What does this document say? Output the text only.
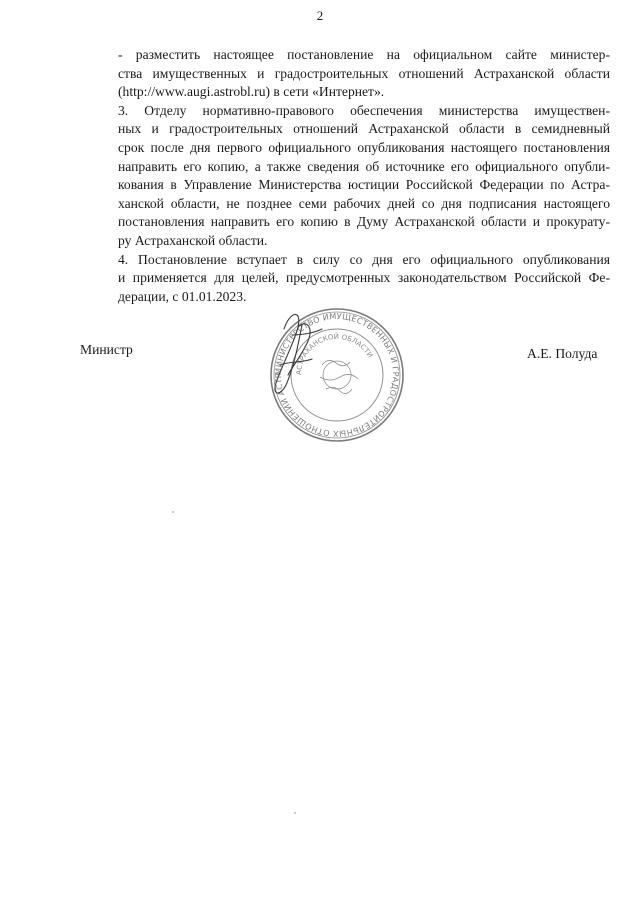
2

- разместить настоящее постановление на официальном сайте министер-
ства имущественных и градостроительных отношений Астраханской области
(http://www.augi.astrobl.ru) в сети «Интернет».

3. Отделу нормативно-правового обеспечения министерства имуществен-
ных и градостроительных отношений Астраханской области в семидневный
срок после дня первого официального опубликования настоящего постановления
направить его копию, а также сведения об источнике его официального опубли-
кования в Управление Министерства юстиции Российской Федерации по Астра-
ханской области, не позднее семи рабочих дней со дня подписания настоящего
постановления направить его копию в Думу Астраханской области и прокурату-
ру Астраханской области.

4. Постановление вступает в силу со дня его официального опубликования
и применяется для целей, предусмотренных законодательством Российской Фе-
дерации, с 01.01.2023.

Министр
МИНИСТЕРСТВО ИМУЩЕСТВЕННЫХ И ГРАДОСТРОИТЕЛЬНЫХ ОТНОШЕНИЙ АСТР
АСТРАХАНСКОЙ ОБЛАСТИ	А.Е. Полуда
